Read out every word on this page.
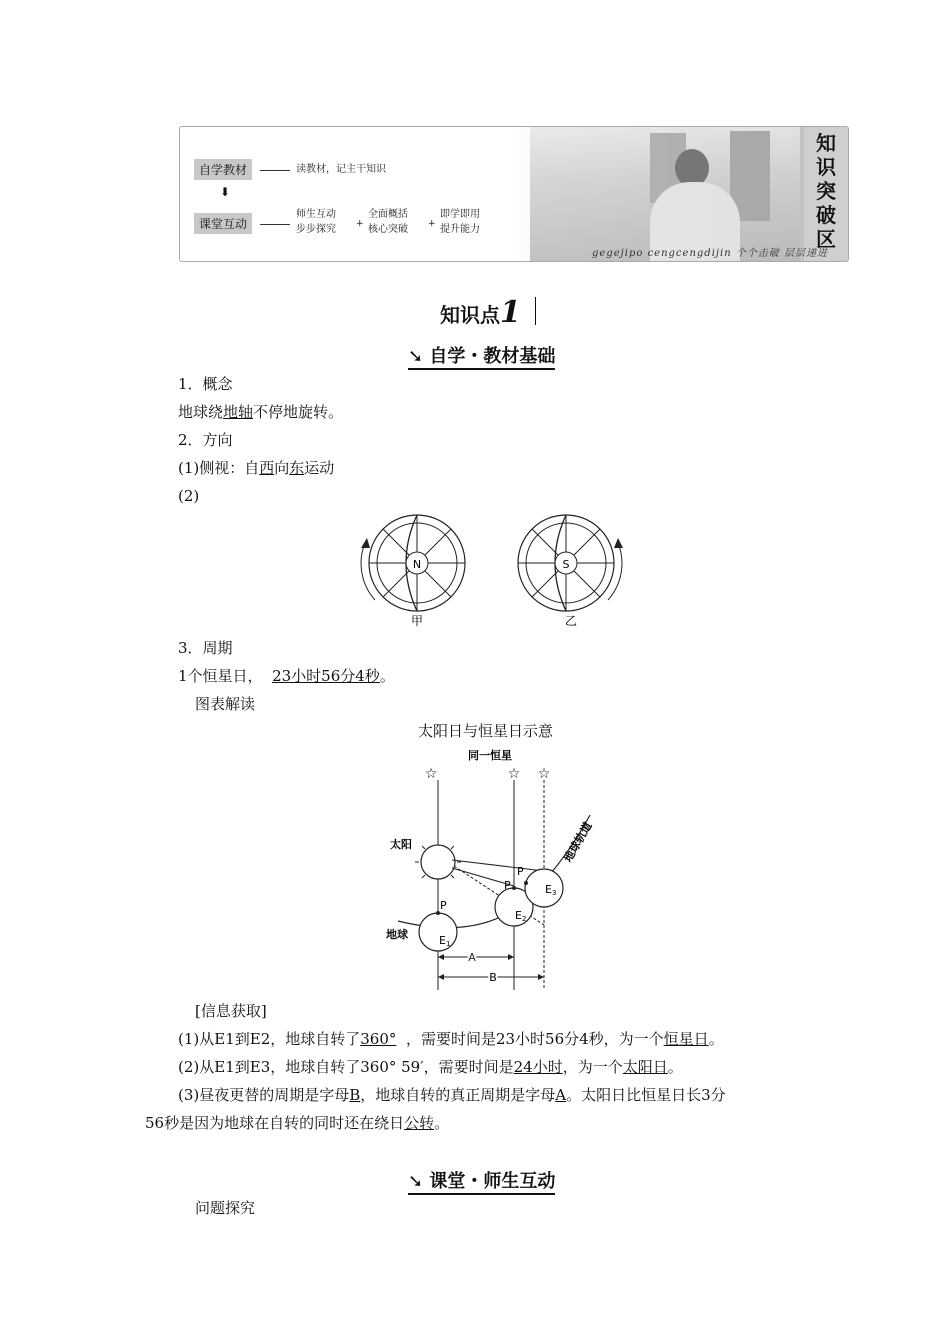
自学教材	读教材，记主干知识
⬇
课堂互动
师生互动
步步探究 +
全面概括
核心突破 +
即学即用
提升能力
知
识
突
破
区
gegejipo cengcengdijin 个个击破 层层递进
知识点1
➘ 自学・教材基础
1．概念
地球绕地轴不停地旋转。
2．方向
(1)侧视：自西向东运动
(2)
N
甲
S
乙
3．周期
1个恒星日， 23小时56分4秒。
图表解读
太阳日与恒星日示意
同一恒星
☆	☆ ☆
太阳	地球轨道
P
P
P
E1
E2
E3
地球
A
B
[信息获取]
(1)从E1到E2，地球自转了360° ，需要时间是23小时56分4秒，为一个恒星日。
(2)从E1到E3，地球自转了360° 59′，需要时间是24小时，为一个太阳日。
(3)昼夜更替的周期是字母B，地球自转的真正周期是字母A。太阳日比恒星日长3分
56秒是因为地球在自转的同时还在绕日公转。
➘ 课堂・师生互动
问题探究
